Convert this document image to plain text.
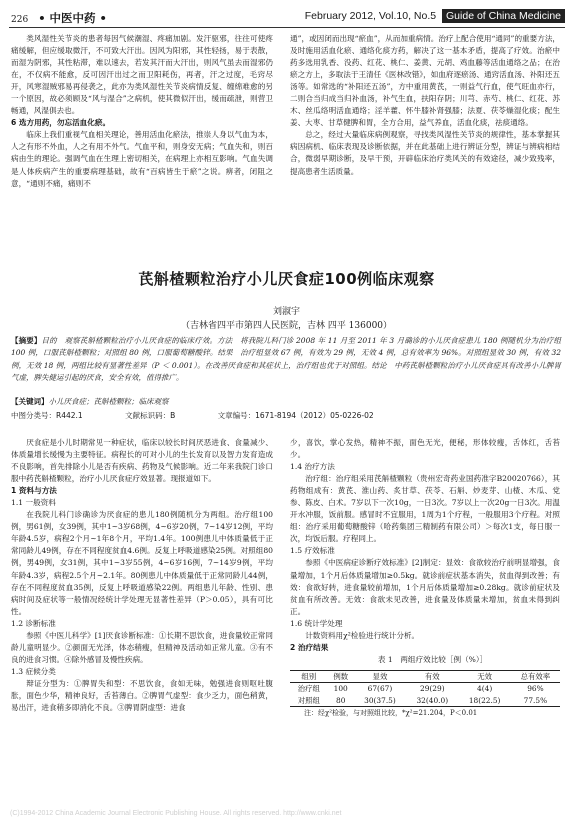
226 • 中医中药 •	February 2012, Vol.10, No.5 Guide of China Medicine

类风湿性关节炎的患者每因气候潮湿、疼痛加剧。发汗驱邪，往往可使疼痛缓解，但应缓取微汗，不可致大汗出。因风为阳邪，其性轻扬，易于表散，而湿为阴邪，其性粘滞，难以速去，若发其汗而大汗出，则风气虽去而湿邪仍在，不仅病不能愈，反可因汗出过之而卫阳耗伤，再者，汗之过度，毛窍尽开，风寒湿贼邪易再侵袭之，此亦为类风湿性关节炎病情反复、缠绵难愈的另一个原因，故必须顾及“风与湿合”之病机，使其微似汗出，缓而疏泄，则营卫畅通，风湿俱去也。

6 选方用药，勿忘活血化瘀。

临床上我们重视气血相关理论，善用活血化瘀法，推崇人身以气血为本，人之有形不外血，人之有用不外气。气血平和，则身安无病；气血失和，则百病由生的理论。强调气血在生理上密切相关，在病理上亦相互影响。气血失调是人体疾病产生的重要病理基础，故有“百病皆生于瘀”之说。痹者，闭阻之意，“通则不痛，痛则不

通”，或因闭而出现“瘀血”，从而加重病情。治疗上配合使用“通同”的重要方法，及时施用活血化瘀、通络化痰方药，解决了这一基本矛盾，提高了疗效。治瘀中药多选用乳香、没药、红花、桃仁、姜黄、元胡、鸡血藤等活血通络之品；在治瘀之方上，多取法于王清任《医林改错》，如血府逐瘀汤、通窍活血汤、补阳还五汤等。如常选的“补阳还五汤”，方中重用黄芪，一则益气行血，使气旺血亦行，二则合当归成当归补血汤，补气生血，扶阳存阴；川芎、赤芍、桃仁、红花、苏木、丝瓜络明活血通络；淫羊藿、怀牛膝补肾强膝；法夏、茯苓燥湿化痰；配生姜、大枣、甘草健脾和胃，全方合用，益气养血，活血化痰，祛痰通络。

总之，经过大量临床病例观察，寻找类风湿性关节炎的规律性，基本掌握其病因病机、临床表现及诊断依据，并在此基础上进行辨证分型，辨证与辨病相结合，微弱早期诊断，及早干预，开辟临床治疗类风关的有效途径，减少致残率，提高患者生活质量。

芪斛楂颗粒治疗小儿厌食症100例临床观察
刘淑宇
（吉林省四平市第四人民医院，吉林 四平 136000）
【摘要】目的　观察芪斛楂颗粒治疗小儿厌食症的临床疗效。方法　将我院儿科门诊 2008 年 11 月至 2011 年 3 月确诊的小儿厌食症患儿 180 例随机分为治疗组 100 例，口服芪斛楂颗粒；对照组 80 例，口服葡萄糖酸锌。结果　治疗组显效 67 例，有效为 29 例，无效 4 例，总有效率为 96%。对照组显效 30 例，有效 32 例，无效 18 例，两组比较有显著性差异（P ＜ 0.001）。在改善厌食症和其症状上，治疗组也优于对照组。结论　中药芪斛楂颗粒治疗小儿厌食症具有改善小儿脾胃气虚，脾失健运引起的厌食，安全有效，值得推广。
【关键词】小儿厌食症；芪斛楂颗粒；临床观察
中图分类号：R442.1	文献标识码：B	文章编号：1671-8194（2012）05-0226-02

厌食症是小儿时期常见一种症状，临床以较长时间厌恶进食、食量减少、体质量增长缓慢为主要特征。病程长的可对小儿的生长发育以及智力发育造成不良影响，首先排除小儿是否有疾病、药物及气候影响。近二年来我院门诊口服中药芪斛楂颗粒，治疗小儿厌食症疗效显著。现报道如下。

1 资料与方法

1.1 一般资料

在我院儿科门诊确诊为厌食症的患儿180例随机分为两组。治疗组100例，男61例，女39例，其中1~3岁68例，4~6岁20例，7~14岁12例，平均年龄4.5岁，病程2个月~1年8个月，平均1.4年。100例患儿中体质量低于正常同龄儿49例，存在不同程度贫血4.6例。反复上呼吸道感染25例。对照组80例，男49例，女31例，其中1~3岁55例，4~6岁16例，7~14岁9例，平均年龄4.3岁，病程2.5个月~2.1年。80例患儿中体质量低于正常同龄儿44例，存在不同程度贫血35例，反复上呼吸道感染22例。两组患儿年龄、性别、患病时间及症状等一般情况经统计学处理无显著性差异（P＞0.05），具有可比性。

1.2 诊断标准

参照《中医儿科学》[1]厌食诊断标准：①长期不思饮食，进食量较正常同龄儿童明显少。②颜面无光泽，体态稍瘦，但精神及活动如正常儿童。③有不良的进食习惯。④除外感冒及慢性疾病。

1.3 症候分类

辩证分型为：①脾胃失和型：不思饮食，食如无味，勉强进食则呕吐腹胀，面色少华，精神良好，舌苔薄白。②脾胃气虚型：食少乏力，面色稍黄，易出汗，进食稍多即消化不良。③脾胃阴虚型：进食

少，喜饮，掌心发热，精神不振，面色无光，便秘，形体较瘦，舌体红，舌苔少。

1.4 治疗方法

治疗组：治疗组采用芪斛楂颗粒（贵州宏奇药业国药准字B20020766），其药物组成有：黄芪、淮山药、炙甘草、茯苓、石斛、炒麦芽、山楂、木瓜、党参、陈皮、白术。7岁以下一次10g，一日3次。7岁以上一次20g一日3次。用温开水冲服，饭前服。感冒时不宜服用，1周为1个疗程，一般服用3个疗程。对照组：治疗采用葡萄糖酸锌（哈药集团三精制药有限公司）＞每次1支，每日服一次，均饭后服。疗程同上。

1.5 疗效标准

参照《中医病症诊断疗效标准》[2]制定：显效：食欲较治疗前明显增强，食量增加，1个月后体质量增加≥0.5kg。就诊前症状基本消失，贫血得到改善；有效：食欲好转，进食量较前增加，1个月后体质量增加≥0.28kg。就诊前症状及贫血有所改善。无效：食欲未见改善，进食量及体质量未增加，贫血未得到纠正。

1.6 统计学处理

计数资料用χ²检验进行统计分析。

2 治疗结果

表 1　两组疗效比较［例（%）］

组别	例数	显效	有效	无效	总有效率
治疗组	100	67(67)	29(29)	4(4)	96%
对照组	80	30(37.5)	32(40.0)	18(22.5)	77.5%

注：经χ²检验，与对照组比较，*χ²=21.204，P＜0.01

(C)1994-2012 China Academic Journal Electronic Publishing House. All rights reserved. http://www.cnki.net
